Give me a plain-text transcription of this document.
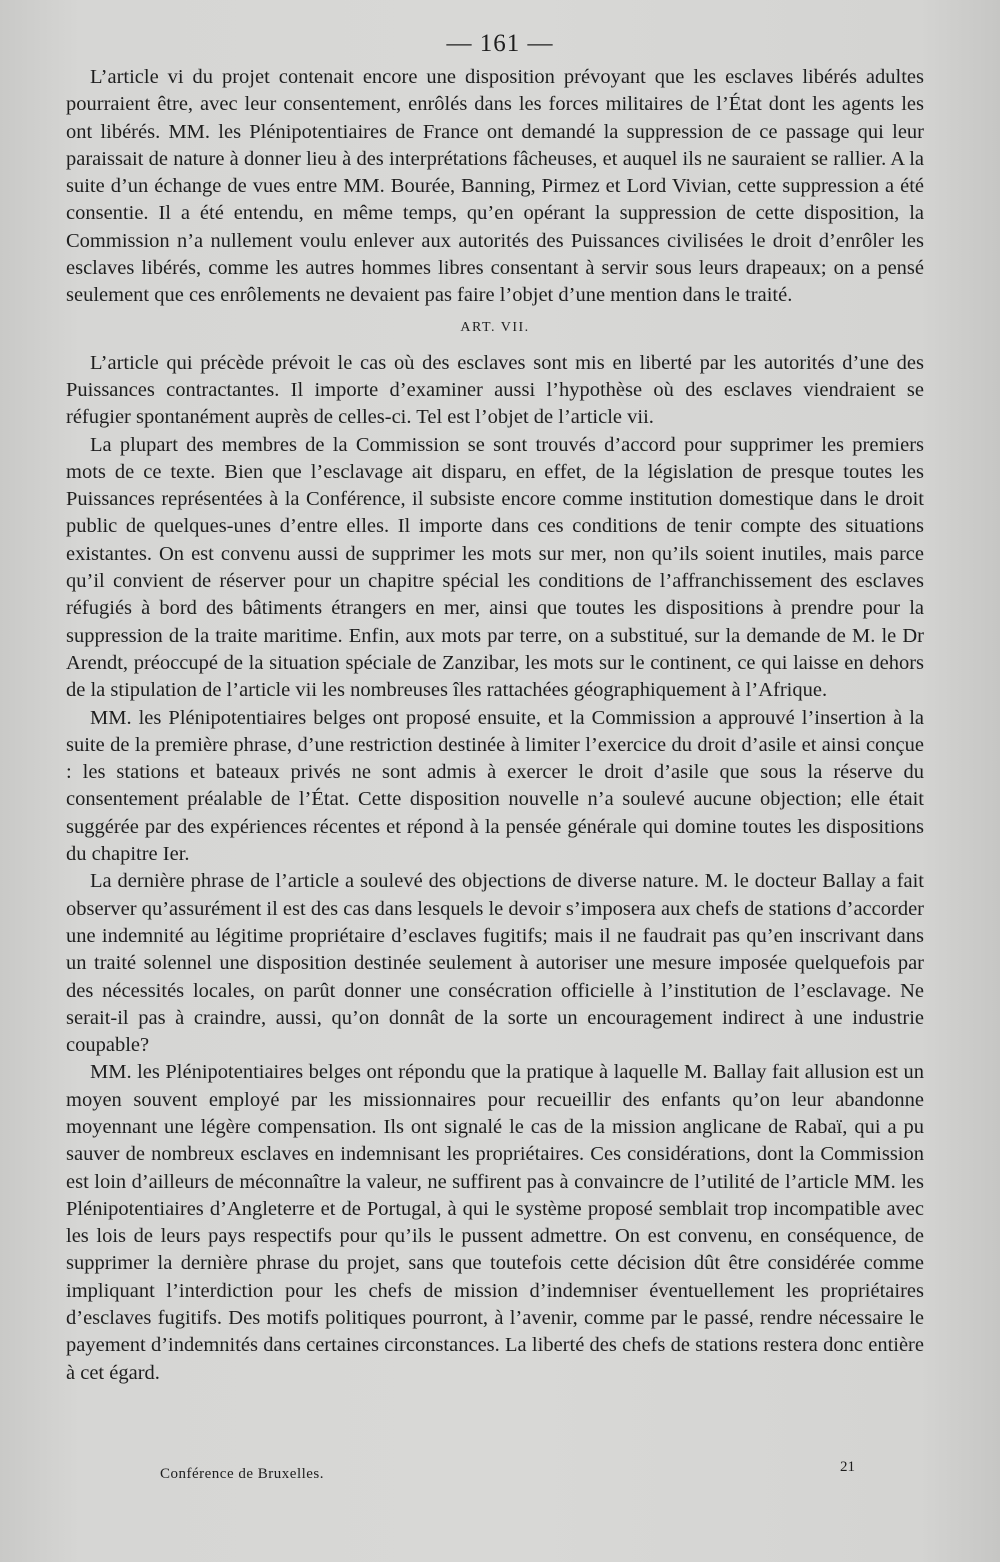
— 161 —

L’article vi du projet contenait encore une disposition prévoyant que les esclaves libérés adultes pourraient être, avec leur consentement, enrôlés dans les forces militaires de l’État dont les agents les ont libérés. MM. les Plénipotentiaires de France ont demandé la suppression de ce passage qui leur paraissait de nature à donner lieu à des interprétations fâcheuses, et auquel ils ne sauraient se rallier. A la suite d’un échange de vues entre MM. Bourée, Banning, Pirmez et Lord Vivian, cette suppression a été consentie. Il a été entendu, en même temps, qu’en opérant la suppression de cette disposition, la Commission n’a nullement voulu enlever aux autorités des Puissances civilisées le droit d’enrôler les esclaves libérés, comme les autres hommes libres consentant à servir sous leurs drapeaux; on a pensé seulement que ces enrôlements ne devaient pas faire l’objet d’une mention dans le traité.

ART. VII.

L’article qui précède prévoit le cas où des esclaves sont mis en liberté par les autorités d’une des Puissances contractantes. Il importe d’examiner aussi l’hypothèse où des esclaves viendraient se réfugier spontanément auprès de celles-ci. Tel est l’objet de l’article vii.

La plupart des membres de la Commission se sont trouvés d’accord pour supprimer les premiers mots de ce texte. Bien que l’esclavage ait disparu, en effet, de la législation de presque toutes les Puissances représentées à la Conférence, il subsiste encore comme institution domestique dans le droit public de quelques-unes d’entre elles. Il importe dans ces conditions de tenir compte des situations existantes. On est convenu aussi de supprimer les mots sur mer, non qu’ils soient inutiles, mais parce qu’il convient de réserver pour un chapitre spécial les conditions de l’affranchissement des esclaves réfugiés à bord des bâtiments étrangers en mer, ainsi que toutes les dispositions à prendre pour la suppression de la traite maritime. Enfin, aux mots par terre, on a substitué, sur la demande de M. le Dr Arendt, préoccupé de la situation spéciale de Zanzibar, les mots sur le continent, ce qui laisse en dehors de la stipulation de l’article vii les nombreuses îles rattachées géographiquement à l’Afrique.

MM. les Plénipotentiaires belges ont proposé ensuite, et la Commission a approuvé l’insertion à la suite de la première phrase, d’une restriction destinée à limiter l’exercice du droit d’asile et ainsi conçue : les stations et bateaux privés ne sont admis à exercer le droit d’asile que sous la réserve du consentement préalable de l’État. Cette disposition nouvelle n’a soulevé aucune objection; elle était suggérée par des expériences récentes et répond à la pensée générale qui domine toutes les dispositions du chapitre Ier.

La dernière phrase de l’article a soulevé des objections de diverse nature. M. le docteur Ballay a fait observer qu’assurément il est des cas dans lesquels le devoir s’imposera aux chefs de stations d’accorder une indemnité au légitime propriétaire d’esclaves fugitifs; mais il ne faudrait pas qu’en inscrivant dans un traité solennel une disposition destinée seulement à autoriser une mesure imposée quelquefois par des nécessités locales, on parût donner une consécration officielle à l’institution de l’esclavage. Ne serait-il pas à craindre, aussi, qu’on donnât de la sorte un encouragement indirect à une industrie coupable?

MM. les Plénipotentiaires belges ont répondu que la pratique à laquelle M. Ballay fait allusion est un moyen souvent employé par les missionnaires pour recueillir des enfants qu’on leur abandonne moyennant une légère compensation. Ils ont signalé le cas de la mission anglicane de Rabaï, qui a pu sauver de nombreux esclaves en indemnisant les propriétaires. Ces considérations, dont la Commission est loin d’ailleurs de méconnaître la valeur, ne suffirent pas à convaincre de l’utilité de l’article MM. les Plénipotentiaires d’Angleterre et de Portugal, à qui le système proposé semblait trop incompatible avec les lois de leurs pays respectifs pour qu’ils le pussent admettre. On est convenu, en conséquence, de supprimer la dernière phrase du projet, sans que toutefois cette décision dût être considérée comme impliquant l’interdiction pour les chefs de mission d’indemniser éventuellement les propriétaires d’esclaves fugitifs. Des motifs politiques pourront, à l’avenir, comme par le passé, rendre nécessaire le payement d’indemnités dans certaines circonstances. La liberté des chefs de stations restera donc entière à cet égard.

Conférence de Bruxelles.	21
